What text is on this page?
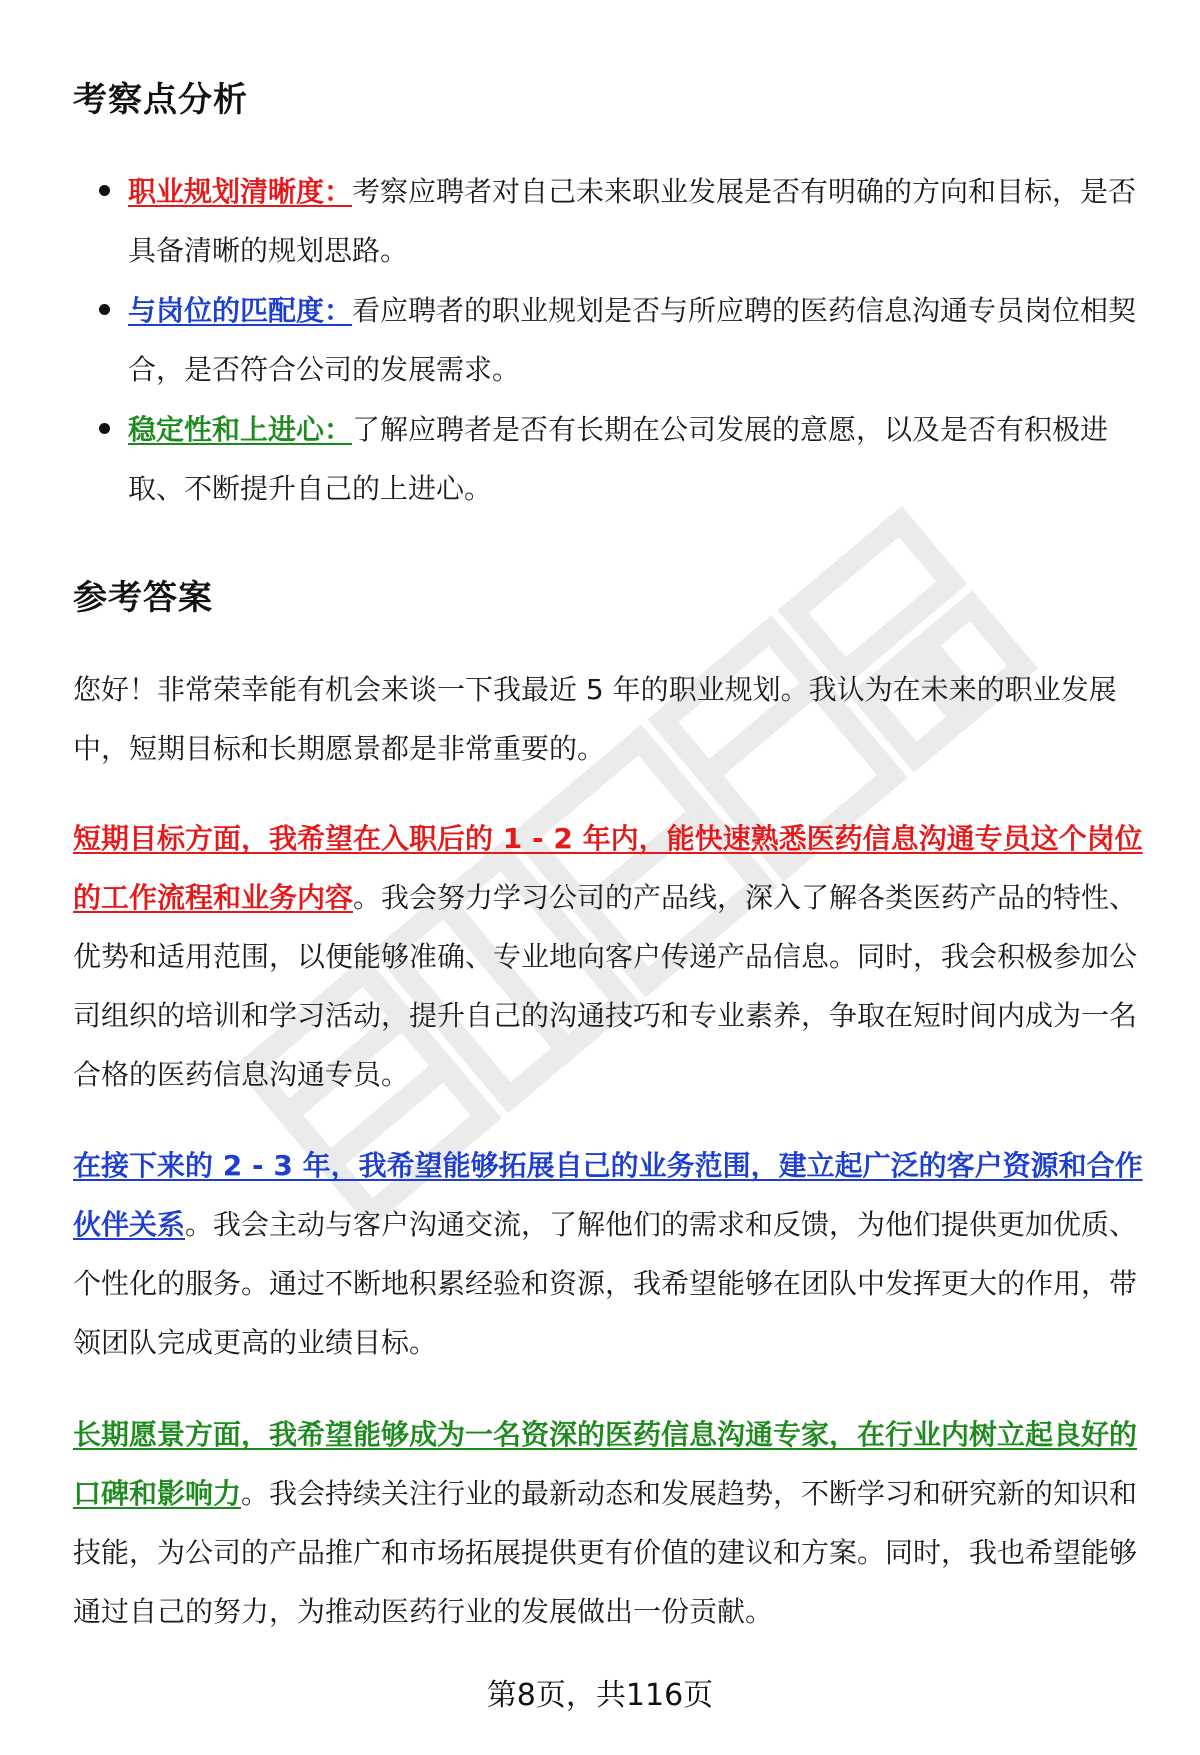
考察点分析
职业规划清晰度：考察应聘者对自己未来职业发展是否有明确的方向和目标，是否具备清晰的规划思路。
与岗位的匹配度：看应聘者的职业规划是否与所应聘的医药信息沟通专员岗位相契合，是否符合公司的发展需求。
稳定性和上进心：了解应聘者是否有长期在公司发展的意愿，以及是否有积极进取、不断提升自己的上进心。
参考答案

您好！非常荣幸能有机会来谈一下我最近 5 年的职业规划。我认为在未来的职业发展中，短期目标和长期愿景都是非常重要的。

短期目标方面，我希望在入职后的 1 - 2 年内，能快速熟悉医药信息沟通专员这个岗位的工作流程和业务内容。我会努力学习公司的产品线，深入了解各类医药产品的特性、优势和适用范围，以便能够准确、专业地向客户传递产品信息。同时，我会积极参加公司组织的培训和学习活动，提升自己的沟通技巧和专业素养，争取在短时间内成为一名合格的医药信息沟通专员。

在接下来的 2 - 3 年，我希望能够拓展自己的业务范围，建立起广泛的客户资源和合作伙伴关系。我会主动与客户沟通交流，了解他们的需求和反馈，为他们提供更加优质、个性化的服务。通过不断地积累经验和资源，我希望能够在团队中发挥更大的作用，带领团队完成更高的业绩目标。

长期愿景方面，我希望能够成为一名资深的医药信息沟通专家，在行业内树立起良好的口碑和影响力。我会持续关注行业的最新动态和发展趋势，不断学习和研究新的知识和技能，为公司的产品推广和市场拓展提供更有价值的建议和方案。同时，我也希望能够通过自己的努力，为推动医药行业的发展做出一份贡献。

第8页，共116页
